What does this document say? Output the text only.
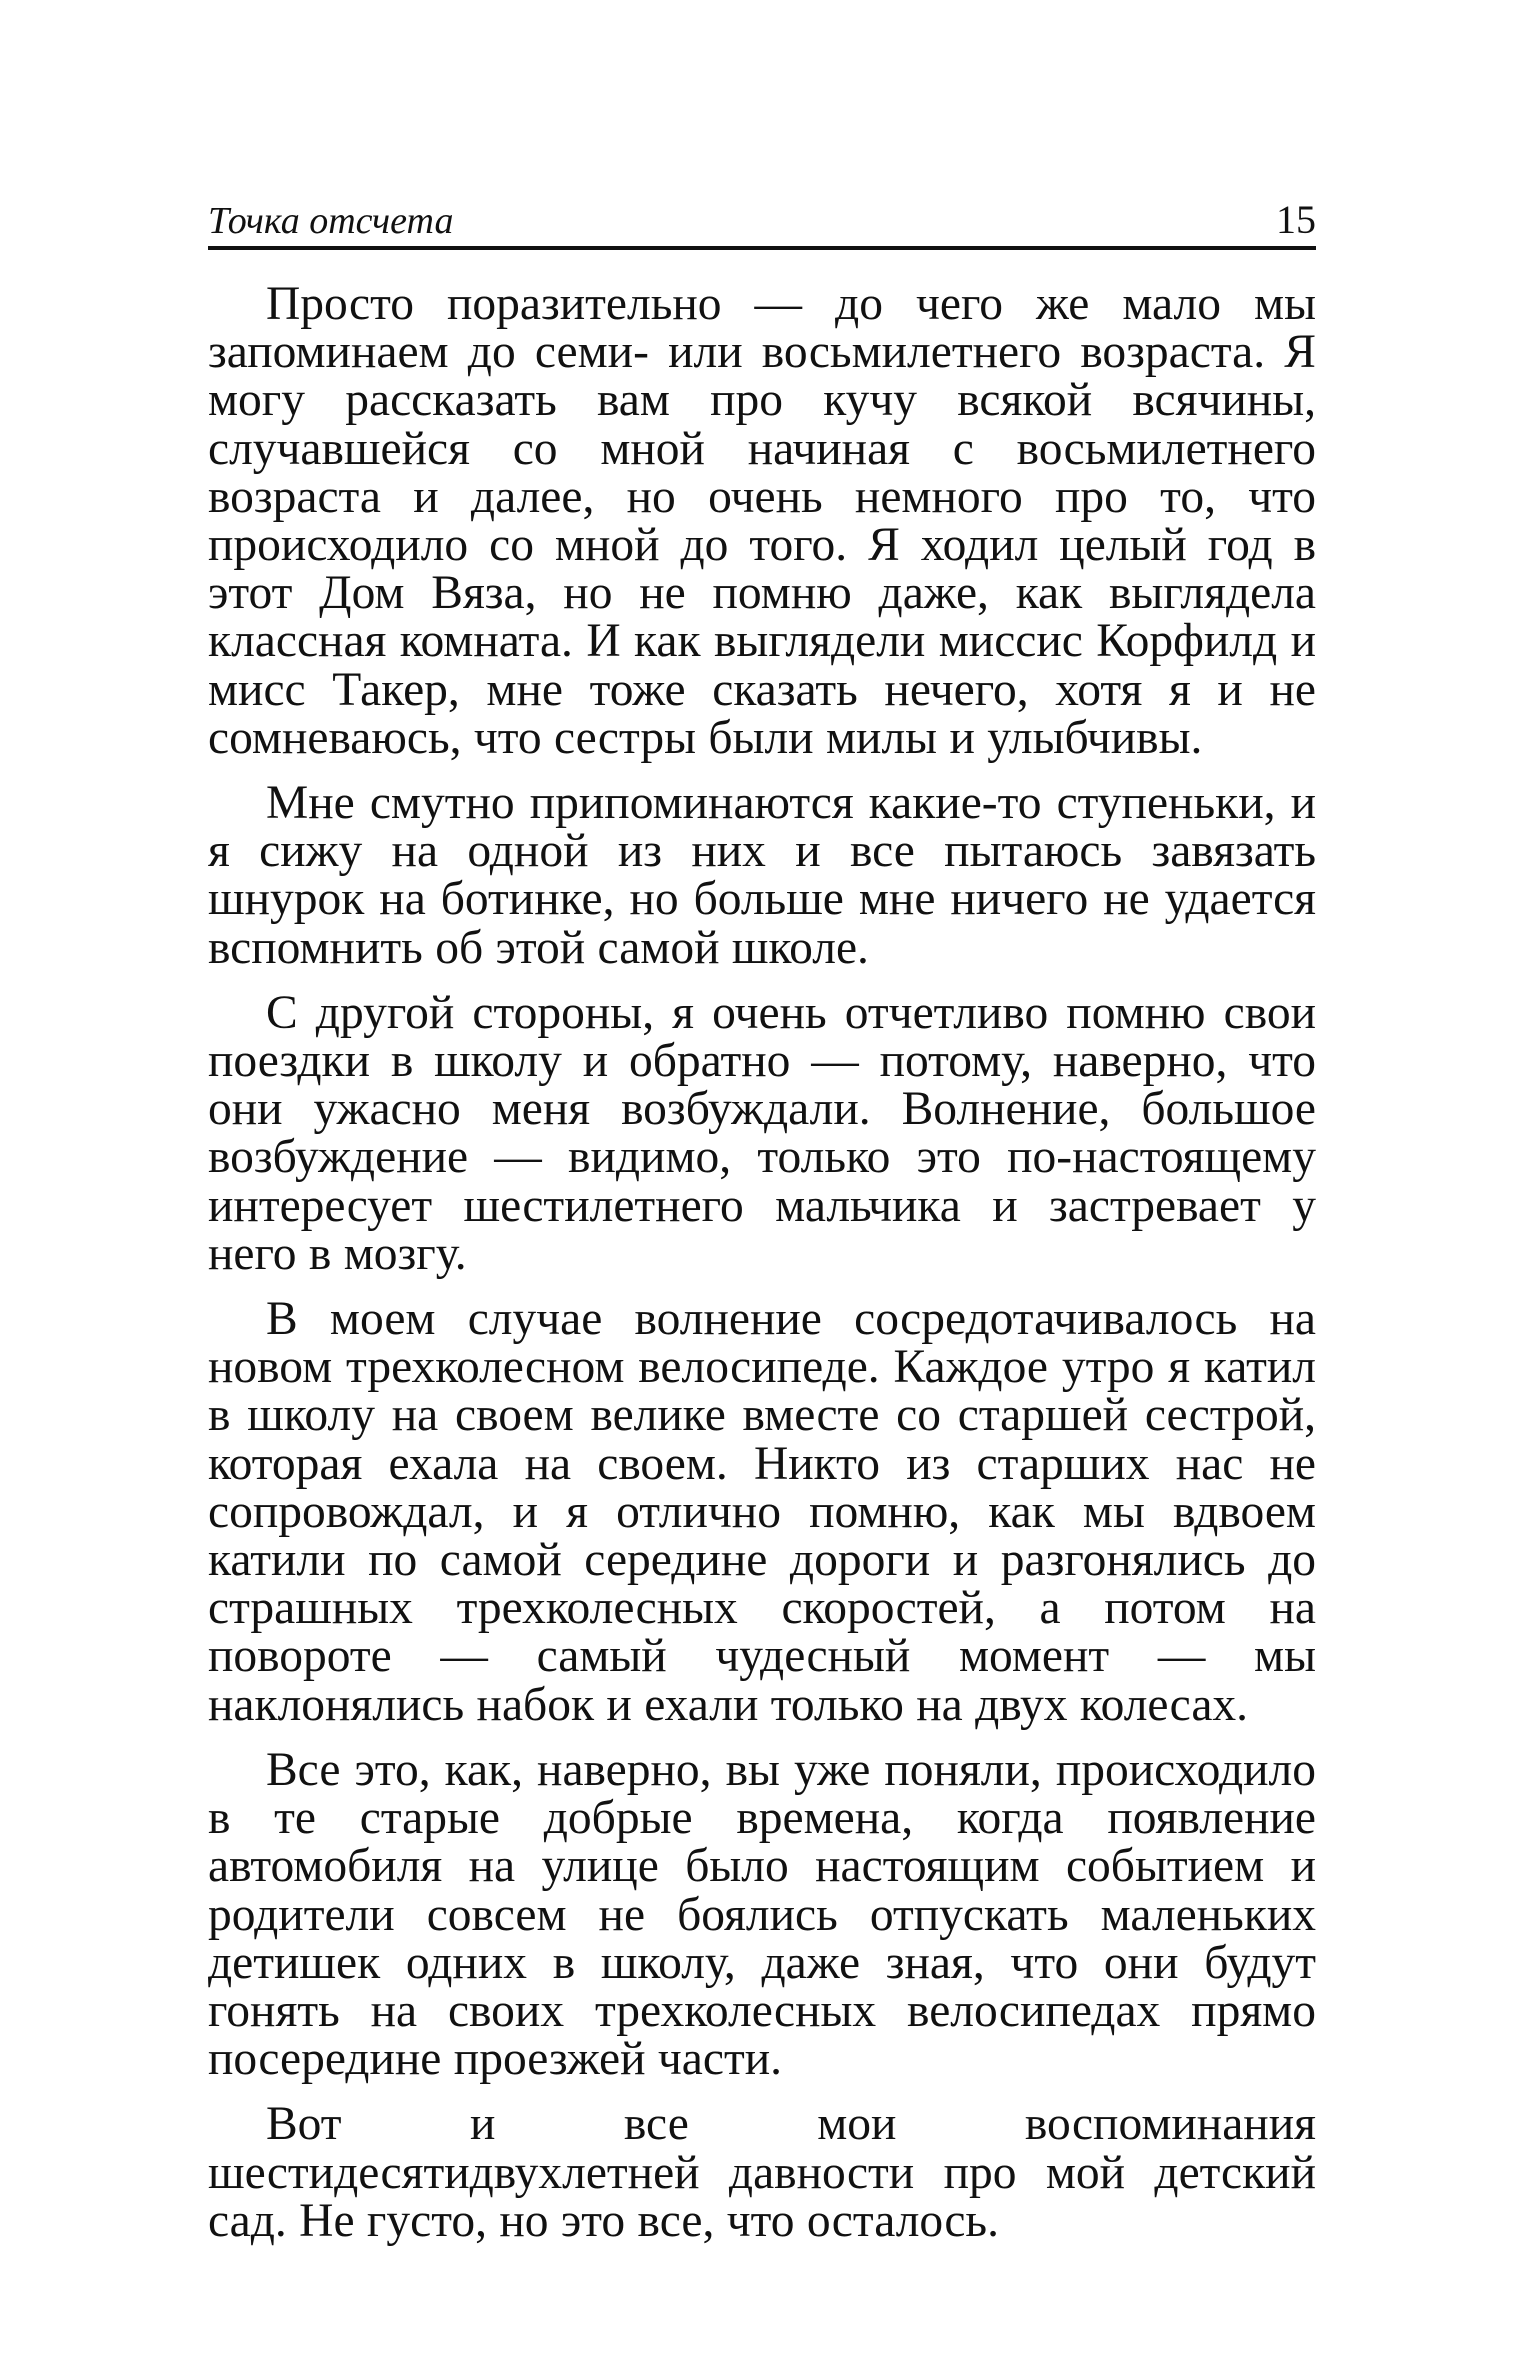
Точка отсчета	15

Просто поразительно — до чего же мало мы запоминаем до семи- или восьмилетнего возраста. Я могу рассказать вам про кучу всякой всячины, случавшейся со мной начиная с восьмилетнего возраста и далее, но очень немного про то, что происходило со мной до того. Я ходил целый год в этот Дом Вяза, но не помню даже, как выглядела классная комната. И как выглядели миссис Корфилд и мисс Такер, мне тоже сказать нечего, хотя я и не сомневаюсь, что сестры были милы и улыбчивы.

Мне смутно припоминаются какие-то ступеньки, и я сижу на одной из них и все пытаюсь завязать шнурок на ботинке, но больше мне ничего не удается вспомнить об этой самой школе.

С другой стороны, я очень отчетливо помню свои поездки в школу и обратно — потому, наверно, что они ужасно меня возбуждали. Волнение, большое возбуждение — видимо, только это по-настоящему интересует шестилетнего мальчика и застревает у него в мозгу.

В моем случае волнение сосредотачивалось на новом трехколесном велосипеде. Каждое утро я катил в школу на своем велике вместе со старшей сестрой, которая ехала на своем. Никто из старших нас не сопровождал, и я отлично помню, как мы вдвоем катили по самой середине дороги и разгонялись до страшных трехколесных скоростей, а потом на повороте — самый чудесный момент — мы наклонялись набок и ехали только на двух колесах.

Все это, как, наверно, вы уже поняли, происходило в те старые добрые времена, когда появление автомобиля на улице было настоящим событием и родители совсем не боялись отпускать маленьких детишек одних в школу, даже зная, что они будут гонять на своих трехколесных велосипедах прямо посередине проезжей части.

Вот и все мои воспоминания шестидесятидвухлетней давности про мой детский сад. Не густо, но это все, что осталось.
